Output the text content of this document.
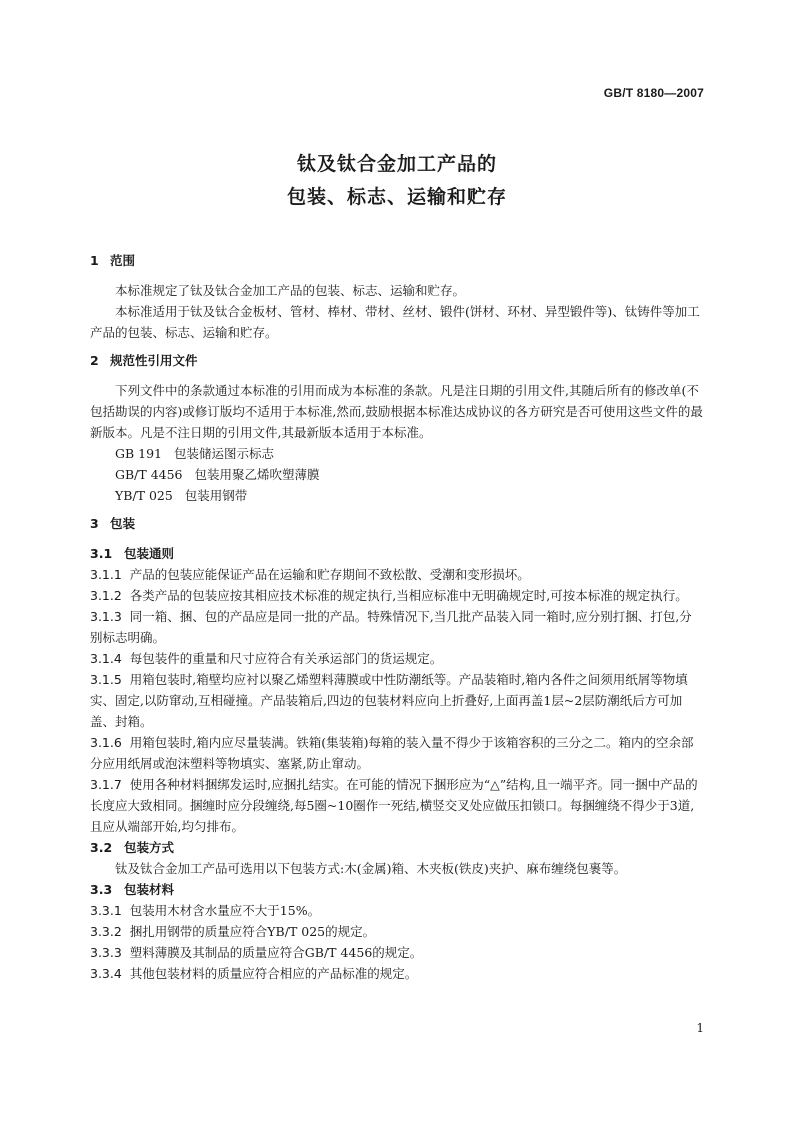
GB/T 8180—2007
钛及钛合金加工产品的
包装、标志、运输和贮存
1 范围

本标准规定了钛及钛合金加工产品的包装、标志、运输和贮存。

本标准适用于钛及钛合金板材、管材、棒材、带材、丝材、锻件(饼材、环材、异型锻件等)、钛铸件等加工产品的包装、标志、运输和贮存。

2 规范性引用文件

下列文件中的条款通过本标准的引用而成为本标准的条款。凡是注日期的引用文件,其随后所有的修改单(不包括勘误的内容)或修订版均不适用于本标准,然而,鼓励根据本标准达成协议的各方研究是否可使用这些文件的最新版本。凡是不注日期的引用文件,其最新版本适用于本标准。

GB 191 包装储运图示标志

GB/T 4456 包装用聚乙烯吹塑薄膜

YB/T 025 包装用钢带

3 包装
3.1 包装通则

3.1.1 产品的包装应能保证产品在运输和贮存期间不致松散、受潮和变形损坏。

3.1.2 各类产品的包装应按其相应技术标准的规定执行,当相应标准中无明确规定时,可按本标准的规定执行。

3.1.3 同一箱、捆、包的产品应是同一批的产品。特殊情况下,当几批产品装入同一箱时,应分别打捆、打包,分别标志明确。

3.1.4 每包装件的重量和尺寸应符合有关承运部门的货运规定。

3.1.5 用箱包装时,箱壁均应衬以聚乙烯塑料薄膜或中性防潮纸等。产品装箱时,箱内各件之间须用纸屑等物填实、固定,以防窜动,互相碰撞。产品装箱后,四边的包装材料应向上折叠好,上面再盖1层~2层防潮纸后方可加盖、封箱。

3.1.6 用箱包装时,箱内应尽量装满。铁箱(集装箱)每箱的装入量不得少于该箱容积的三分之二。箱内的空余部分应用纸屑或泡沫塑料等物填实、塞紧,防止窜动。

3.1.7 使用各种材料捆绑发运时,应捆扎结实。在可能的情况下捆形应为“△”结构,且一端平齐。同一捆中产品的长度应大致相同。捆缠时应分段缠绕,每5圈~10圈作一死结,横竖交叉处应做压扣锁口。每捆缠绕不得少于3道,且应从端部开始,均匀排布。

3.2 包装方式

钛及钛合金加工产品可选用以下包装方式:木(金属)箱、木夹板(铁皮)夹护、麻布缠绕包裹等。

3.3 包装材料

3.3.1 包装用木材含水量应不大于15%。

3.3.2 捆扎用钢带的质量应符合YB/T 025的规定。

3.3.3 塑料薄膜及其制品的质量应符合GB/T 4456的规定。

3.3.4 其他包装材料的质量应符合相应的产品标准的规定。

1
